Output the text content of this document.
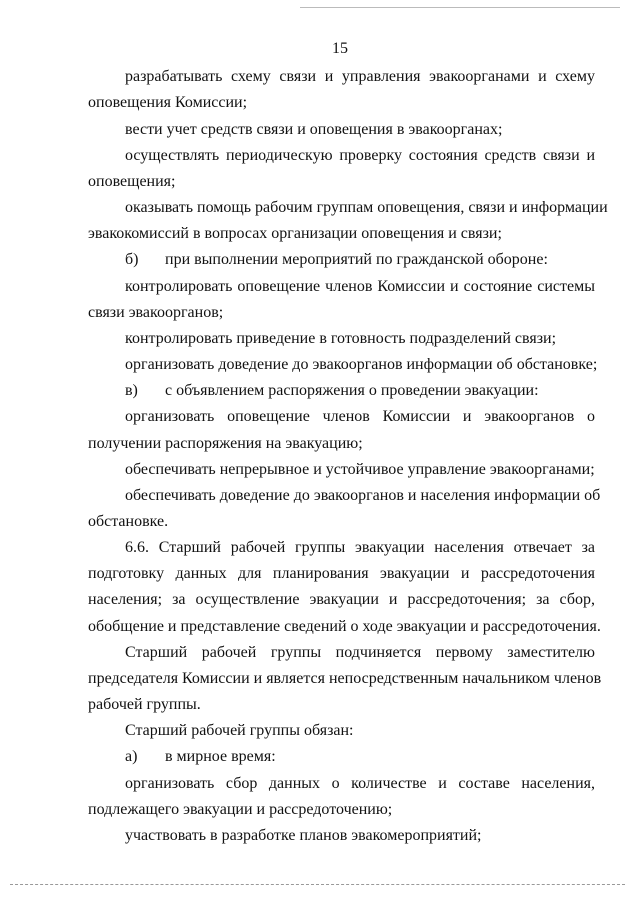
15
разрабатывать схему связи и управления эвакоорганами и схему
оповещения Комиссии;
вести учет средств связи и оповещения в эвакоорганах;
осуществлять периодическую проверку состояния средств связи и
оповещения;
оказывать помощь рабочим группам оповещения, связи и информации
эвакокомиссий в вопросах организации оповещения и связи;
б) при выполнении мероприятий по гражданской обороне:
контролировать оповещение членов Комиссии и состояние системы
связи эвакоорганов;
контролировать приведение в готовность подразделений связи;
организовать доведение до эвакоорганов информации об обстановке;
в) с объявлением распоряжения о проведении эвакуации:
организовать оповещение членов Комиссии и эвакоорганов о
получении распоряжения на эвакуацию;
обеспечивать непрерывное и устойчивое управление эвакоорганами;
обеспечивать доведение до эвакоорганов и населения информации об
обстановке.
6.6. Старший рабочей группы эвакуации населения отвечает за
подготовку данных для планирования эвакуации и рассредоточения
населения; за осуществление эвакуации и рассредоточения; за сбор,
обобщение и представление сведений о ходе эвакуации и рассредоточения.
Старший рабочей группы подчиняется первому заместителю
председателя Комиссии и является непосредственным начальником членов
рабочей группы.
Старший рабочей группы обязан:
а) в мирное время:
организовать сбор данных о количестве и составе населения,
подлежащего эвакуации и рассредоточению;
участвовать в разработке планов эвакомероприятий;
